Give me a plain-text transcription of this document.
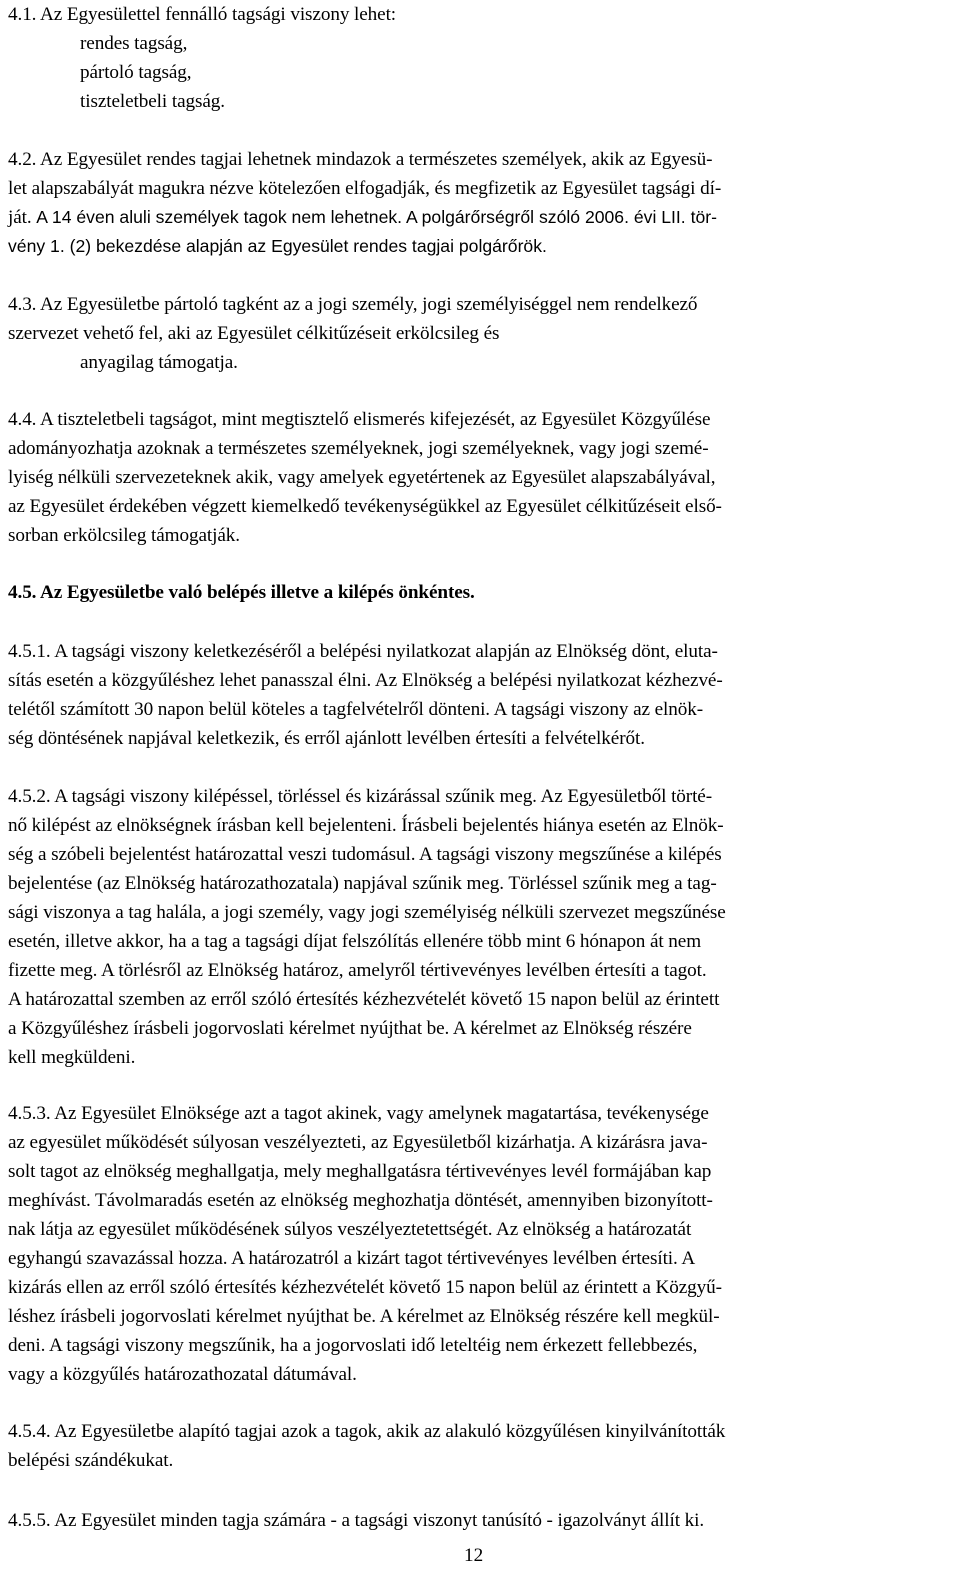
4.1. Az Egyesülettel fennálló tagsági viszony lehet:
rendes tagság,
pártoló tagság,
tiszteletbeli tagság.
4.2. Az Egyesület rendes tagjai lehetnek mindazok a természetes személyek, akik az Egyesü-
let alapszabályát magukra nézve kötelezően elfogadják, és megfizetik az Egyesület tagsági dí-
ját. A 14 éven aluli személyek tagok nem lehetnek. A polgárőrségről szóló 2006. évi LII. tör-
vény 1. (2) bekezdése alapján az Egyesület rendes tagjai polgárőrök.
4.3. Az Egyesületbe pártoló tagként az a jogi személy, jogi személyiséggel nem rendelkező
szervezet vehető fel, aki az Egyesület célkitűzéseit erkölcsileg és
anyagilag támogatja.
4.4. A tiszteletbeli tagságot, mint megtisztelő elismerés kifejezését, az Egyesület Közgyűlése
adományozhatja azoknak a természetes személyeknek, jogi személyeknek, vagy jogi szemé-
lyiség nélküli szervezeteknek akik, vagy amelyek egyetértenek az Egyesület alapszabályával,
az Egyesület érdekében végzett kiemelkedő tevékenységükkel az Egyesület célkitűzéseit első-
sorban erkölcsileg támogatják.
4.5. Az Egyesületbe való belépés illetve a kilépés önkéntes.
4.5.1. A tagsági viszony keletkezéséről a belépési nyilatkozat alapján az Elnökség dönt, eluta-
sítás esetén a közgyűléshez lehet panasszal élni. Az Elnökség a belépési nyilatkozat kézhezvé-
telétől számított 30 napon belül köteles a tagfelvételről dönteni. A tagsági viszony az elnök-
ség döntésének napjával keletkezik, és erről ajánlott levélben értesíti a felvételkérőt.
4.5.2. A tagsági viszony kilépéssel, törléssel és kizárással szűnik meg. Az Egyesületből törté-
nő kilépést az elnökségnek írásban kell bejelenteni. Írásbeli bejelentés hiánya esetén az Elnök-
ség a szóbeli bejelentést határozattal veszi tudomásul. A tagsági viszony megszűnése a kilépés
bejelentése (az Elnökség határozathozatala) napjával szűnik meg. Törléssel szűnik meg a tag-
sági viszonya a tag halála, a jogi személy, vagy jogi személyiség nélküli szervezet megszűnése
esetén, illetve akkor, ha a tag a tagsági díjat felszólítás ellenére több mint 6 hónapon át nem
fizette meg. A törlésről az Elnökség határoz, amelyről tértivevényes levélben értesíti a tagot.
A határozattal szemben az erről szóló értesítés kézhezvételét követő 15 napon belül az érintett
a Közgyűléshez írásbeli jogorvoslati kérelmet nyújthat be. A kérelmet az Elnökség részére
kell megküldeni.
4.5.3. Az Egyesület Elnöksége azt a tagot akinek, vagy amelynek magatartása, tevékenysége
az egyesület működését súlyosan veszélyezteti, az Egyesületből kizárhatja. A kizárásra java-
solt tagot az elnökség meghallgatja, mely meghallgatásra tértivevényes levél formájában kap
meghívást. Távolmaradás esetén az elnökség meghozhatja döntését, amennyiben bizonyított-
nak látja az egyesület működésének súlyos veszélyeztetettségét. Az elnökség a határozatát
egyhangú szavazással hozza. A határozatról a kizárt tagot tértivevényes levélben értesíti. A
kizárás ellen az erről szóló értesítés kézhezvételét követő 15 napon belül az érintett a Közgyű-
léshez írásbeli jogorvoslati kérelmet nyújthat be. A kérelmet az Elnökség részére kell megkül-
deni. A tagsági viszony megszűnik, ha a jogorvoslati idő leteltéig nem érkezett fellebbezés,
vagy a közgyűlés határozathozatal dátumával.
4.5.4. Az Egyesületbe alapító tagjai azok a tagok, akik az alakuló közgyűlésen kinyilvánították
belépési szándékukat.
4.5.5. Az Egyesület minden tagja számára - a tagsági viszonyt tanúsító - igazolványt állít ki.

12
